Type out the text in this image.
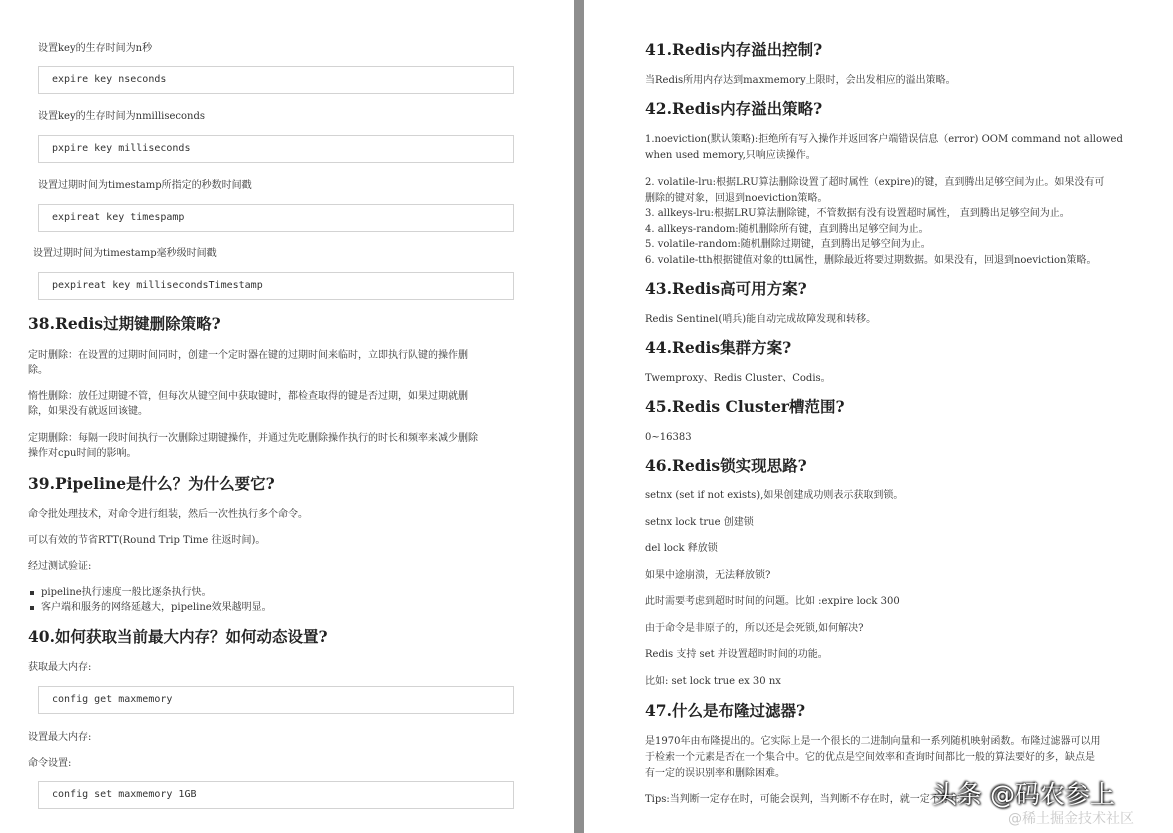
设置key的生存时间为n秒
expire key nseconds
设置key的生存时间为nmilliseconds
pxpire key milliseconds
设置过期时间为timestamp所指定的秒数时间戳
expireat key timespamp
设置过期时间为timestamp毫秒级时间戳
pexpireat key millisecondsTimestamp
38.Redis过期键删除策略?
定时删除：在设置的过期时间同时，创建一个定时器在键的过期时间来临时，立即执行队键的操作删
除。
惰性删除：放任过期键不管，但每次从键空间中获取键时，都检查取得的键是否过期，如果过期就删
除，如果没有就返回该键。
定期删除：每隔一段时间执行一次删除过期键操作，并通过先吃删除操作执行的时长和频率来减少删除
操作对cpu时间的影响。
39.Pipeline是什么？为什么要它?
命令批处理技术，对命令进行组装，然后一次性执行多个命令。
可以有效的节省RTT(Round Trip Time 往返时间)。
经过测试验证:
pipeline执行速度一般比逐条执行快。
客户端和服务的网络延越大，pipeline效果越明显。
40.如何获取当前最大内存？如何动态设置?
获取最大内存:
config get maxmemory
设置最大内存:
命令设置:
config set maxmemory 1GB
41.Redis内存溢出控制?
当Redis所用内存达到maxmemory上限时，会出发相应的溢出策略。
42.Redis内存溢出策略?
1.noeviction(默认策略):拒绝所有写入操作并返回客户端错误信息（error) OOM command not allowed
when used memory,只响应读操作。
2. volatile-lru:根据LRU算法删除设置了超时属性（expire)的键，直到腾出足够空间为止。如果没有可
删除的键对象，回退到noeviction策略。
3. allkeys-lru:根据LRU算法删除键，不管数据有没有设置超时属性， 直到腾出足够空间为止。
4. allkeys-random:随机删除所有键，直到腾出足够空间为止。
5. volatile-random:随机删除过期键，直到腾出足够空间为止。
6. volatile-tth根据键值对象的ttl属性，删除最近将要过期数据。如果没有，回退到noeviction策略。
43.Redis高可用方案?
Redis Sentinel(哨兵)能自动完成故障发现和转移。
44.Redis集群方案?
Twemproxy、Redis Cluster、Codis。
45.Redis Cluster槽范围?
0~16383
46.Redis锁实现思路?
setnx (set if not exists),如果创建成功则表示获取到锁。
setnx lock true 创建锁
del lock 释放锁
如果中途崩溃，无法释放锁?
此时需要考虑到超时时间的问题。比如 :expire lock 300
由于命令是非原子的，所以还是会死锁,如何解决?
Redis 支持 set 并设置超时时间的功能。
比如: set lock true ex 30 nx
47.什么是布隆过滤器?
是1970年由布隆提出的。它实际上是一个很长的二进制向量和一系列随机映射函数。布隆过滤器可以用
于检索一个元素是否在一个集合中。它的优点是空间效率和查询时间都比一般的算法要好的多，缺点是
有一定的误识别率和删除困难。
Tips:当判断一定存在时，可能会误判，当判断不存在时，就一定不存在。
头条 @码农参上
@稀土掘金技术社区
